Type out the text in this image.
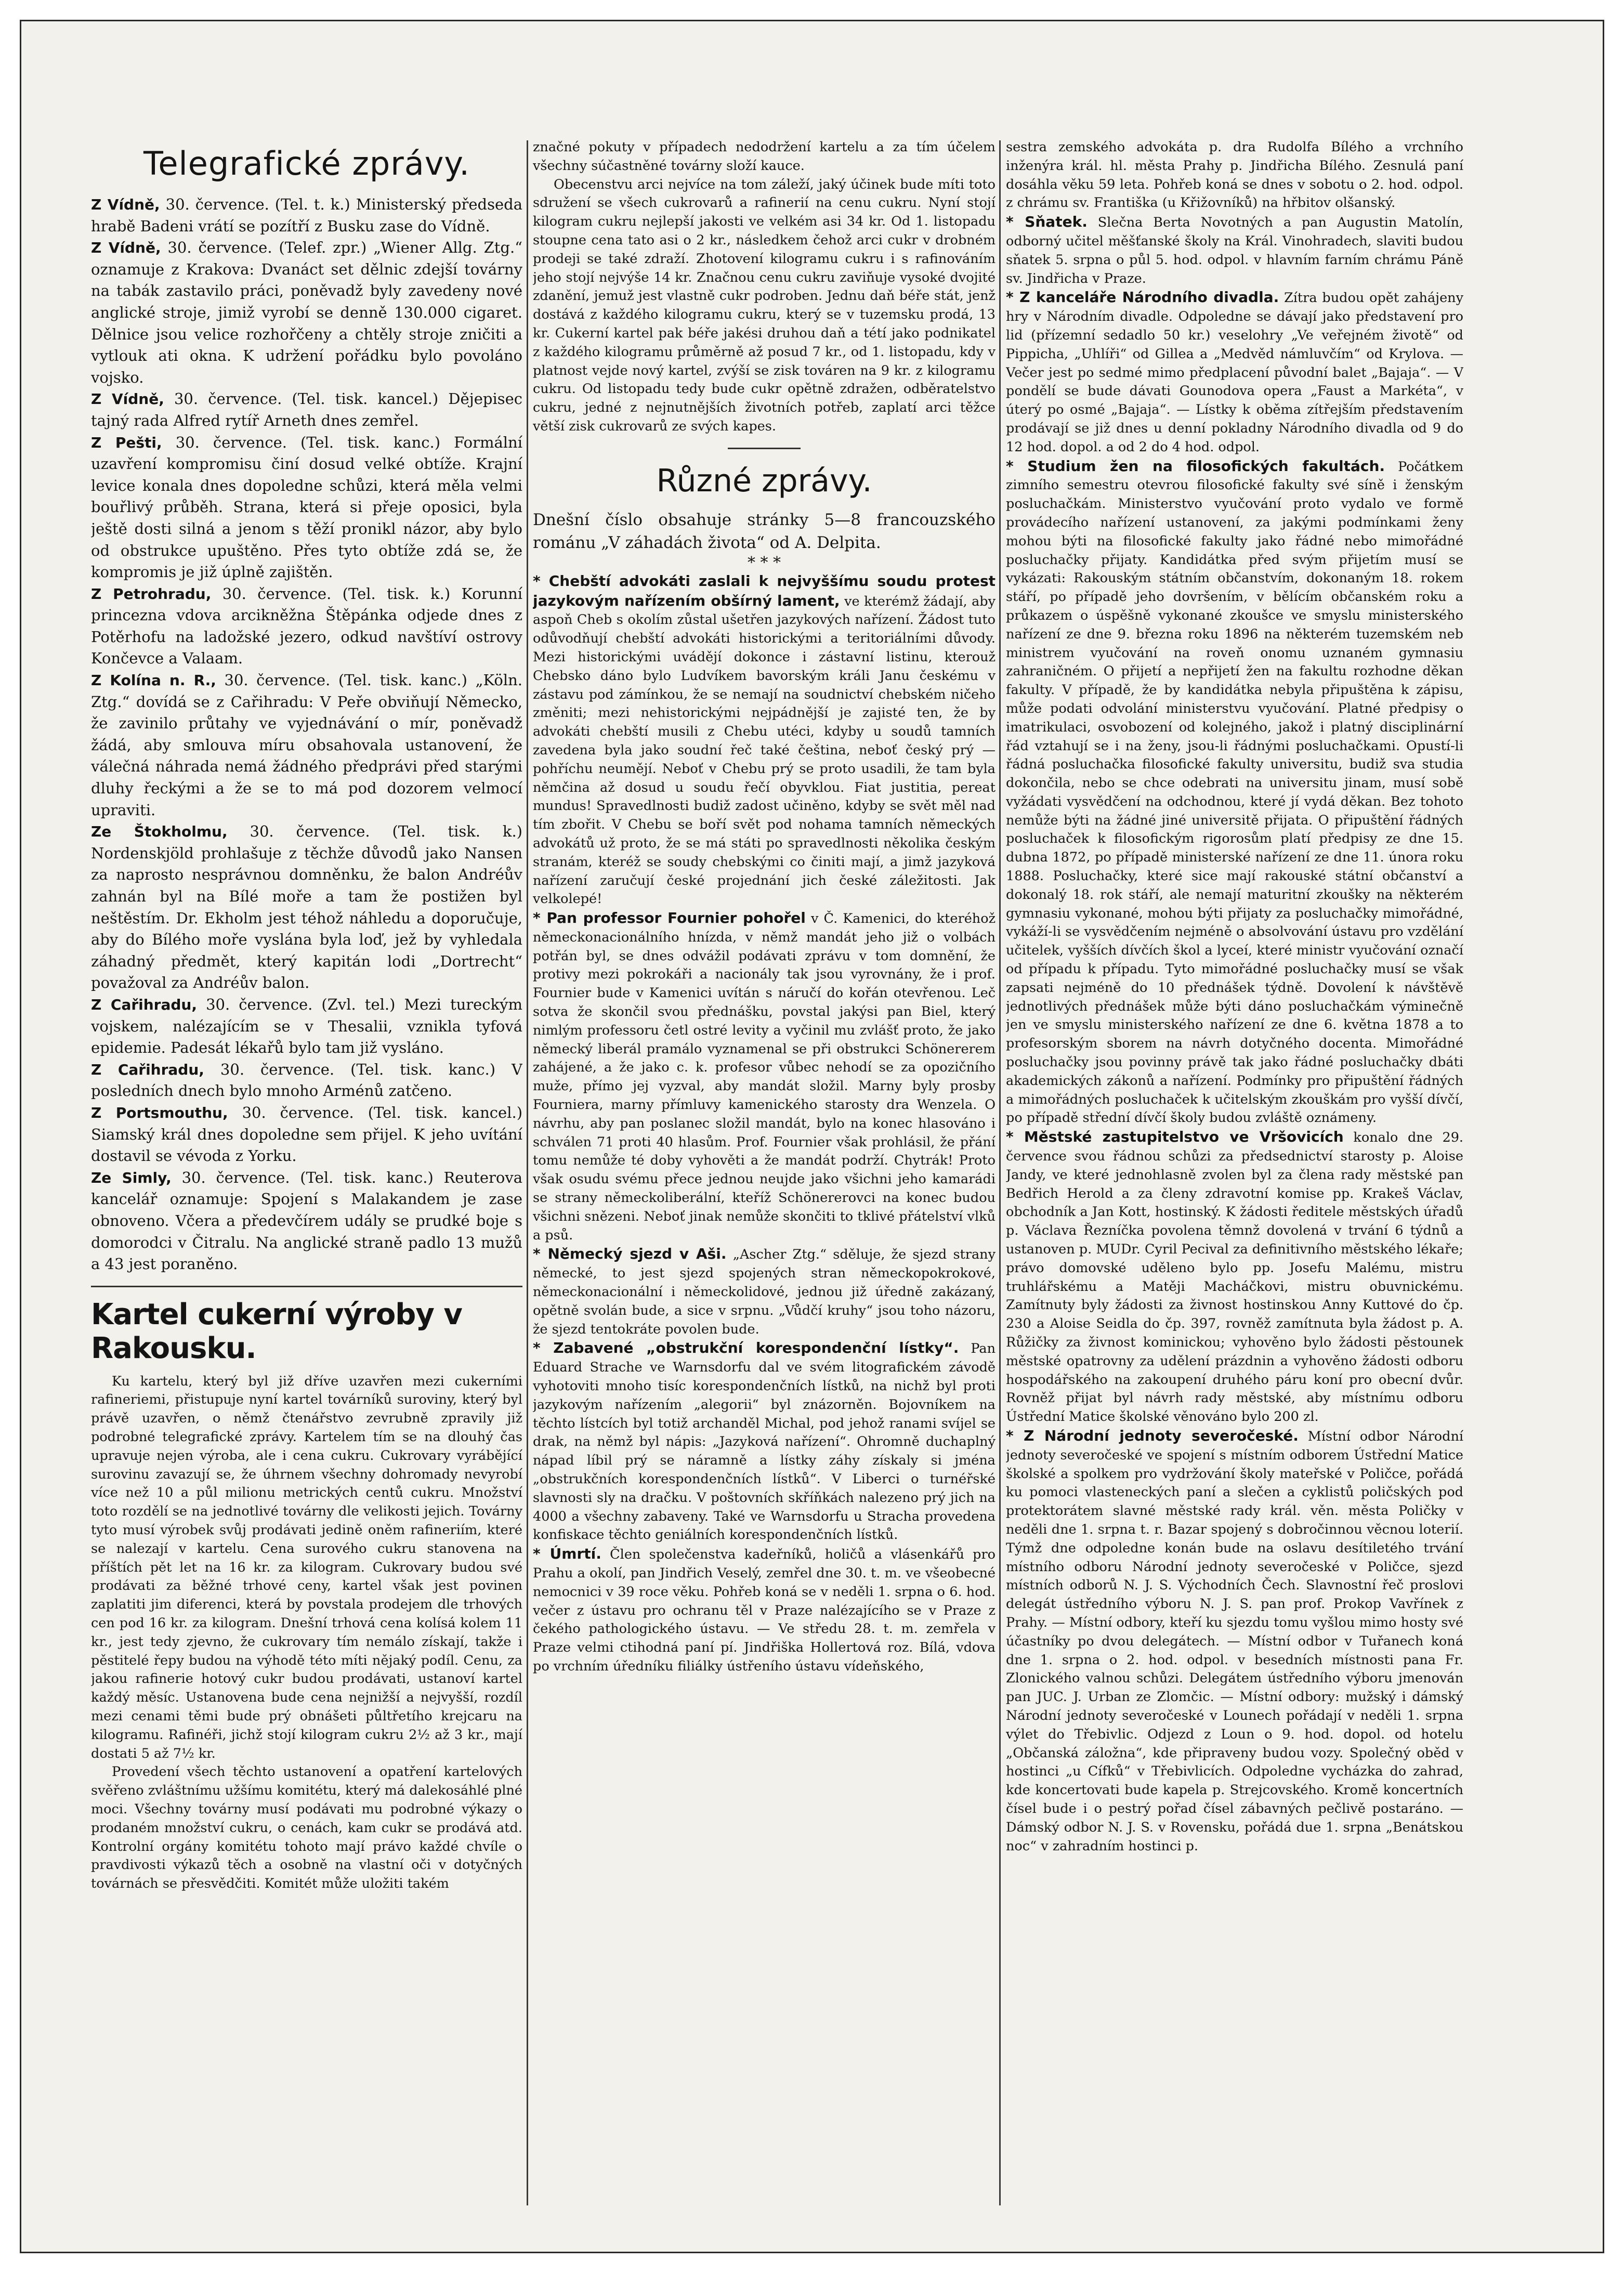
Telegrafické zprávy.

Z Vídně, 30. července. (Tel. t. k.) Ministerský předseda hrabě Badeni vrátí se pozítří z Busku zase do Vídně.

Z Vídně, 30. července. (Telef. zpr.) „Wiener Allg. Ztg.“ oznamuje z Krakova: Dvanáct set dělnic zdejší továrny na tabák zastavilo práci, poněvadž byly zavedeny nové anglické stroje, jimiž vyrobí se denně 130.000 cigaret. Dělnice jsou velice rozhořčeny a chtěly stroje zničiti a vytlouk ati okna. K udržení pořádku bylo povoláno vojsko.

Z Vídně, 30. července. (Tel. tisk. kancel.) Dějepisec tajný rada Alfred rytíř Arneth dnes zemřel.

Z Pešti, 30. července. (Tel. tisk. kanc.) Formální uzavření kompromisu činí dosud velké obtíže. Krajní levice konala dnes dopoledne schůzi, která měla velmi bouřlivý průběh. Strana, která si přeje oposici, byla ještě dosti silná a jenom s těží pronikl názor, aby bylo od obstrukce upuštěno. Přes tyto obtíže zdá se, že kompromis je již úplně zajištěn.

Z Petrohradu, 30. července. (Tel. tisk. k.) Korunní princezna vdova arcikněžna Štěpánka odjede dnes z Potěrhofu na ladožské jezero, odkud navštíví ostrovy Končevce a Valaam.

Z Kolína n. R., 30. července. (Tel. tisk. kanc.) „Köln. Ztg.“ dovídá se z Cařihradu: V Peře obviňují Německo, že zavinilo průtahy ve vyjednávání o mír, poněvadž žádá, aby smlouva míru obsahovala ustanovení, že válečná náhrada nemá žádného předprávi před starými dluhy řeckými a že se to má pod dozorem velmocí upraviti.

Ze Štokholmu, 30. července. (Tel. tisk. k.) Nordenskjöld prohlašuje z těchže důvodů jako Nansen za naprosto nesprávnou domněnku, že balon Andréův zahnán byl na Bílé moře a tam že postižen byl neštěstím. Dr. Ekholm jest téhož náhledu a doporučuje, aby do Bílého moře vyslána byla loď, jež by vyhledala záhadný předmět, který kapitán lodi „Dortrecht“ považoval za Andréův balon.

Z Cařihradu, 30. července. (Zvl. tel.) Mezi tureckým vojskem, nalézajícím se v Thesalii, vznikla tyfová epidemie. Padesát lékařů bylo tam již vysláno.

Z Cařihradu, 30. července. (Tel. tisk. kanc.) V posledních dnech bylo mnoho Arménů zatčeno.

Z Portsmouthu, 30. července. (Tel. tisk. kancel.) Siamský král dnes dopoledne sem přijel. K jeho uvítání dostavil se vévoda z Yorku.

Ze Simly, 30. července. (Tel. tisk. kanc.) Reuterova kancelář oznamuje: Spojení s Malakandem je zase obnoveno. Včera a předevčírem udály se prudké boje s domorodci v Čitralu. Na anglické straně padlo 13 mužů a 43 jest poraněno.

Kartel cukerní výroby v Rakousku.

Ku kartelu, který byl již dříve uzavřen mezi cukerními rafineriemi, přistupuje nyní kartel továrníků suroviny, který byl právě uzavřen, o němž čtenářstvo zevrubně zpravily již podrobné telegrafické zprávy. Kartelem tím se na dlouhý čas upravuje nejen výroba, ale i cena cukru. Cukrovary vyrábějící surovinu zavazují se, že úhrnem všechny dohromady nevyrobí více než 10 a půl milionu metrických centů cukru. Množství toto rozdělí se na jednotlivé továrny dle velikosti jejich. Továrny tyto musí výrobek svůj prodávati jedině oněm rafineriím, které se nalezají v kartelu. Cena surového cukru stanovena na příštích pět let na 16 kr. za kilogram. Cukrovary budou své prodávati za běžné trhové ceny, kartel však jest povinen zaplatiti jim diferenci, která by povstala prodejem dle trhových cen pod 16 kr. za kilogram. Dnešní trhová cena kolísá kolem 11 kr., jest tedy zjevno, že cukrovary tím nemálo získají, takže i pěstitelé řepy budou na výhodě této míti nějaký podíl. Cenu, za jakou rafinerie hotový cukr budou prodávati, ustanoví kartel každý měsíc. Ustanovena bude cena nejnižší a nejvyšší, rozdíl mezi cenami těmi bude prý obnášeti půltřetího krejcaru na kilogramu. Rafinéři, jichž stojí kilogram cukru 2½ až 3 kr., mají dostati 5 až 7½ kr.

Provedení všech těchto ustanovení a opatření kartelových svěřeno zvláštnímu užšímu komitétu, který má dalekosáhlé plné moci. Všechny továrny musí podávati mu podrobné výkazy o prodaném množství cukru, o cenách, kam cukr se prodává atd. Kontrolní orgány komitétu tohoto mají právo každé chvíle o pravdivosti výkazů těch a osobně na vlastní oči v dotyčných továrnách se přesvědčiti. Komitét může uložiti takém

značné pokuty v případech nedodržení kartelu a za tím účelem všechny súčastněné továrny složí kauce.

Obecenstvu arci nejvíce na tom záleží, jaký účinek bude míti toto sdružení se všech cukrovarů a rafinerií na cenu cukru. Nyní stojí kilogram cukru nejlepší jakosti ve velkém asi 34 kr. Od 1. listopadu stoupne cena tato asi o 2 kr., následkem čehož arci cukr v drobném prodeji se také zdraží. Zhotovení kilogramu cukru i s rafinováním jeho stojí nejvýše 14 kr. Značnou cenu cukru zaviňuje vysoké dvojité zdanění, jemuž jest vlastně cukr podroben. Jednu daň béře stát, jenž dostává z každého kilogramu cukru, který se v tuzemsku prodá, 13 kr. Cukerní kartel pak béře jakési druhou daň a tétí jako podnikatel z každého kilogramu průměrně až posud 7 kr., od 1. listopadu, kdy v platnost vejde nový kartel, zvýší se zisk továren na 9 kr. z kilogramu cukru. Od listopadu tedy bude cukr opětně zdražen, odběratelstvo cukru, jedné z nejnutnějších životních potřeb, zaplatí arci těžce větší zisk cukrovarů ze svých kapes.

Různé zprávy.

Dnešní číslo obsahuje stránky 5—8 francouzského románu „V záhadách života“ od A. Delpita.

* * *

* Chebští advokáti zaslali k nejvyššímu soudu protest jazykovým nařízením obšírný lament, ve kterémž žádají, aby aspoň Cheb s okolím zůstal ušetřen jazykových nařízení. Žádost tuto odůvodňují chebští advokáti historickými a teritoriálními důvody. Mezi historickými uvádějí dokonce i zástavní listinu, kterouž Chebsko dáno bylo Ludvíkem bavorským králi Janu českému v zástavu pod zámínkou, že se nemají na soudnictví chebském ničeho změniti; mezi nehistorickými nejpádnější je zajisté ten, že by advokáti chebští musili z Chebu utéci, kdyby u soudů tamních zavedena byla jako soudní řeč také čeština, neboť český prý — pohříchu neumějí. Neboť v Chebu prý se proto usadili, že tam byla němčina až dosud u soudu řečí obyvklou. Fiat justitia, pereat mundus! Spravedlnosti budiž zadost učiněno, kdyby se svět měl nad tím zbořit. V Chebu se boří svět pod nohama tamních německých advokátů už proto, že se má státi po spravedlnosti několika českým stranám, kteréž se soudy chebskými co činiti mají, a jimž jazyková nařízení zaručují české projednání jich české záležitosti. Jak velkolepé!

* Pan professor Fournier pohořel v Č. Kamenici, do kteréhož německonacionálního hnízda, v němž mandát jeho již o volbách potřán byl, se dnes odvážil podávati zprávu v tom domnění, že protivy mezi pokrokáři a nacionály tak jsou vyrovnány, že i prof. Fournier bude v Kamenici uvítán s náručí do kořán otevřenou. Leč sotva že skončil svou přednášku, povstal jakýsi pan Biel, který nimlým professoru četl ostré levity a vyčinil mu zvlášť proto, že jako německý liberál pramálo vyznamenal se při obstrukci Schönererem zahájené, a že jako c. k. profesor vůbec nehodí se za opozičního muže, přímo jej vyzval, aby mandát složil. Marny byly prosby Fourniera, marny přímluvy kamenického starosty dra Wenzela. O návrhu, aby pan poslanec složil mandát, bylo na konec hlasováno i schválen 71 proti 40 hlasům. Prof. Fournier však prohlásil, že přání tomu nemůže té doby vyhověti a že mandát podrží. Chytrák! Proto však osudu svému přece jednou neujde jako všichni jeho kamarádi se strany německoliberální, kteříž Schönererovci na konec budou všichni snězeni. Neboť jinak nemůže skončiti to tklivé přátelství vlků a psů.

* Německý sjezd v Aši. „Ascher Ztg.“ sděluje, že sjezd strany německé, to jest sjezd spojených stran německopokrokové, německonacionální i německolidové, jednou již úředně zakázaný, opětně svolán bude, a sice v srpnu. „Vůdčí kruhy“ jsou toho názoru, že sjezd tentokráte povolen bude.

* Zabavené „obstrukční korespondenční lístky“. Pan Eduard Strache ve Warnsdorfu dal ve svém litografickém závodě vyhotoviti mnoho tisíc korespondenčních lístků, na nichž byl proti jazykovým nařízením „alegorii“ byl znázorněn. Bojovníkem na těchto lístcích byl totiž archanděl Michal, pod jehož ranami svíjel se drak, na němž byl nápis: „Jazyková nařízení“. Ohromně duchaplný nápad líbil prý se náramně a lístky záhy získaly si jména „obstrukčních korespondenčních lístků“. V Liberci o turnéřské slavnosti sly na dračku. V poštovních skříňkách nalezeno prý jich na 4000 a všechny zabaveny. Také ve Warnsdorfu u Stracha provedena konfiskace těchto geniálních korespondenčních lístků.

* Úmrtí. Člen společenstva kadeřníků, holičů a vlásenkářů pro Prahu a okolí, pan Jindřich Veselý, zemřel dne 30. t. m. ve všeobecné nemocnici v 39 roce věku. Pohřeb koná se v neděli 1. srpna o 6. hod. večer z ústavu pro ochranu těl v Praze nalézajícího se v Praze z čekého pathologického ústavu. — Ve středu 28. t. m. zemřela v Praze velmi ctihodná paní pí. Jindřiška Hollertová roz. Bílá, vdova po vrchním úředníku filiálky ústřeního ústavu vídeňského,

sestra zemského advokáta p. dra Rudolfa Bílého a vrchního inženýra král. hl. města Prahy p. Jindřicha Bílého. Zesnulá paní dosáhla věku 59 leta. Pohřeb koná se dnes v sobotu o 2. hod. odpol. z chrámu sv. Františka (u Křižovníků) na hřbitov olšanský.

* Sňatek. Slečna Berta Novotných a pan Augustin Matolín, odborný učitel měšťanské školy na Král. Vinohradech, slaviti budou sňatek 5. srpna o půl 5. hod. odpol. v hlavním farním chrámu Páně sv. Jindřicha v Praze.

* Z kanceláře Národního divadla. Zítra budou opět zahájeny hry v Národním divadle. Odpoledne se dávají jako představení pro lid (přízemní sedadlo 50 kr.) veselohry „Ve veřejném životě“ od Pippicha, „Uhlíři“ od Gillea a „Medvěd námluvčím“ od Krylova. — Večer jest po sedmé mimo předplacení původní balet „Bajaja“. — V pondělí se bude dávati Gounodova opera „Faust a Markéta“, v úterý po osmé „Bajaja“. — Lístky k oběma zítřejším představením prodávají se již dnes u denní pokladny Národního divadla od 9 do 12 hod. dopol. a od 2 do 4 hod. odpol.

* Studium žen na filosofických fakultách. Počátkem zimního semestru otevrou filosofické fakulty své síně i ženským posluchačkám. Ministerstvo vyučování proto vydalo ve formě provádecího nařízení ustanovení, za jakými podmínkami ženy mohou býti na filosofické fakulty jako řádné nebo mimořádné posluchačky přijaty. Kandidátka před svým přijetím musí se vykázati: Rakouským státním občanstvím, dokonaným 18. rokem stáří, po případě jeho dovršením, v bělícím občanském roku a průkazem o úspěšně vykonané zkoušce ve smyslu ministerského nařízení ze dne 9. března roku 1896 na některém tuzemském neb ministrem vyučování na roveň onomu uznaném gymnasiu zahraničném. O přijetí a nepřijetí žen na fakultu rozhodne děkan fakulty. V případě, že by kandidátka nebyla připuštěna k zápisu, může podati odvolání ministerstvu vyučování. Platné předpisy o imatrikulaci, osvobození od kolejného, jakož i platný disciplinární řád vztahují se i na ženy, jsou-li řádnými posluchačkami. Opustí-li řádná posluchačka filosofické fakulty universitu, budiž sva studia dokončila, nebo se chce odebrati na universitu jinam, musí sobě vyžádati vysvědčení na odchodnou, které jí vydá děkan. Bez tohoto nemůže býti na žádné jiné universitě přijata. O připuštění řádných posluchaček k filosofickým rigorosům platí předpisy ze dne 15. dubna 1872, po případě ministerské nařízení ze dne 11. února roku 1888. Posluchačky, které sice mají rakouské státní občanství a dokonalý 18. rok stáří, ale nemají maturitní zkoušky na některém gymnasiu vykonané, mohou býti přijaty za posluchačky mimořádné, vykáží-li se vysvědčením nejméně o absolvování ústavu pro vzdělání učitelek, vyšších dívčích škol a lyceí, které ministr vyučování označí od případu k případu. Tyto mimořádné posluchačky musí se však zapsati nejméně do 10 přednášek týdně. Dovolení k návštěvě jednotlivých přednášek může býti dáno posluchačkám výminečně jen ve smyslu ministerského nařízení ze dne 6. května 1878 a to profesorským sborem na návrh dotyčného docenta. Mimořádné posluchačky jsou povinny právě tak jako řádné posluchačky dbáti akademických zákonů a nařízení. Podmínky pro připuštění řádných a mimořádných posluchaček k učitelským zkouškám pro vyšší dívčí, po případě střední dívčí školy budou zvláště oznámeny.

* Městské zastupitelstvo ve Vršovicích konalo dne 29. července svou řádnou schůzi za předsednictví starosty p. Aloise Jandy, ve které jednohlasně zvolen byl za člena rady městské pan Bedřich Herold a za členy zdravotní komise pp. Krakeš Václav, obchodník a Jan Kott, hostinský. K žádosti ředitele městských úřadů p. Václava Řezníčka povolena těmnž dovolená v trvání 6 týdnů a ustanoven p. MUDr. Cyril Pecival za definitivního městského lékaře; právo domovské uděleno bylo pp. Josefu Malému, mistru truhlářskému a Matěji Macháčkovi, mistru obuvnickému. Zamítnuty byly žádosti za živnost hostinskou Anny Kuttové do čp. 230 a Aloise Seidla do čp. 397, rovněž zamítnuta byla žádost p. A. Růžičky za živnost kominickou; vyhověno bylo žádosti pěstounek městské opatrovny za udělení prázdnin a vyhověno žádosti odboru hospodářského na zakoupení druhého páru koní pro obecní dvůr. Rovněž přijat byl návrh rady městské, aby místnímu odboru Ústřední Matice školské věnováno bylo 200 zl.

* Z Národní jednoty severočeské. Místní odbor Národní jednoty severočeské ve spojení s místním odborem Ústřední Matice školské a spolkem pro vydržování školy mateřské v Poličce, pořádá ku pomoci vlasteneckých paní a slečen a cyklistů poličských pod protektorátem slavné městské rady král. věn. města Poličky v neděli dne 1. srpna t. r. Bazar spojený s dobročinnou věcnou loterií. Týmž dne odpoledne konán bude na oslavu desítiletého trvání místního odboru Národní jednoty severočeské v Poličce, sjezd místních odborů N. J. S. Východních Čech. Slavnostní řeč proslovi delegát ústředního výboru N. J. S. pan prof. Prokop Vavřínek z Prahy. — Místní odbory, kteří ku sjezdu tomu vyšlou mimo hosty své účastníky po dvou delegátech. — Místní odbor v Tuřanech koná dne 1. srpna o 2. hod. odpol. v besedních místnosti pana Fr. Zlonického valnou schůzi. Delegátem ústředního výboru jmenován pan JUC. J. Urban ze Zlomčic. — Místní odbory: mužský i dámský Národní jednoty severočeské v Lounech pořádají v neděli 1. srpna výlet do Třebivlic. Odjezd z Loun o 9. hod. dopol. od hotelu „Občanská záložna“, kde připraveny budou vozy. Společný oběd v hostinci „u Cífků“ v Třebivlicích. Odpoledne vycházka do zahrad, kde koncertovati bude kapela p. Strejcovského. Kromě koncertních čísel bude i o pestrý pořad čísel zábavných pečlivě postaráno. — Dámský odbor N. J. S. v Rovensku, pořádá due 1. srpna „Benátskou noc“ v zahradním hostinci p.
